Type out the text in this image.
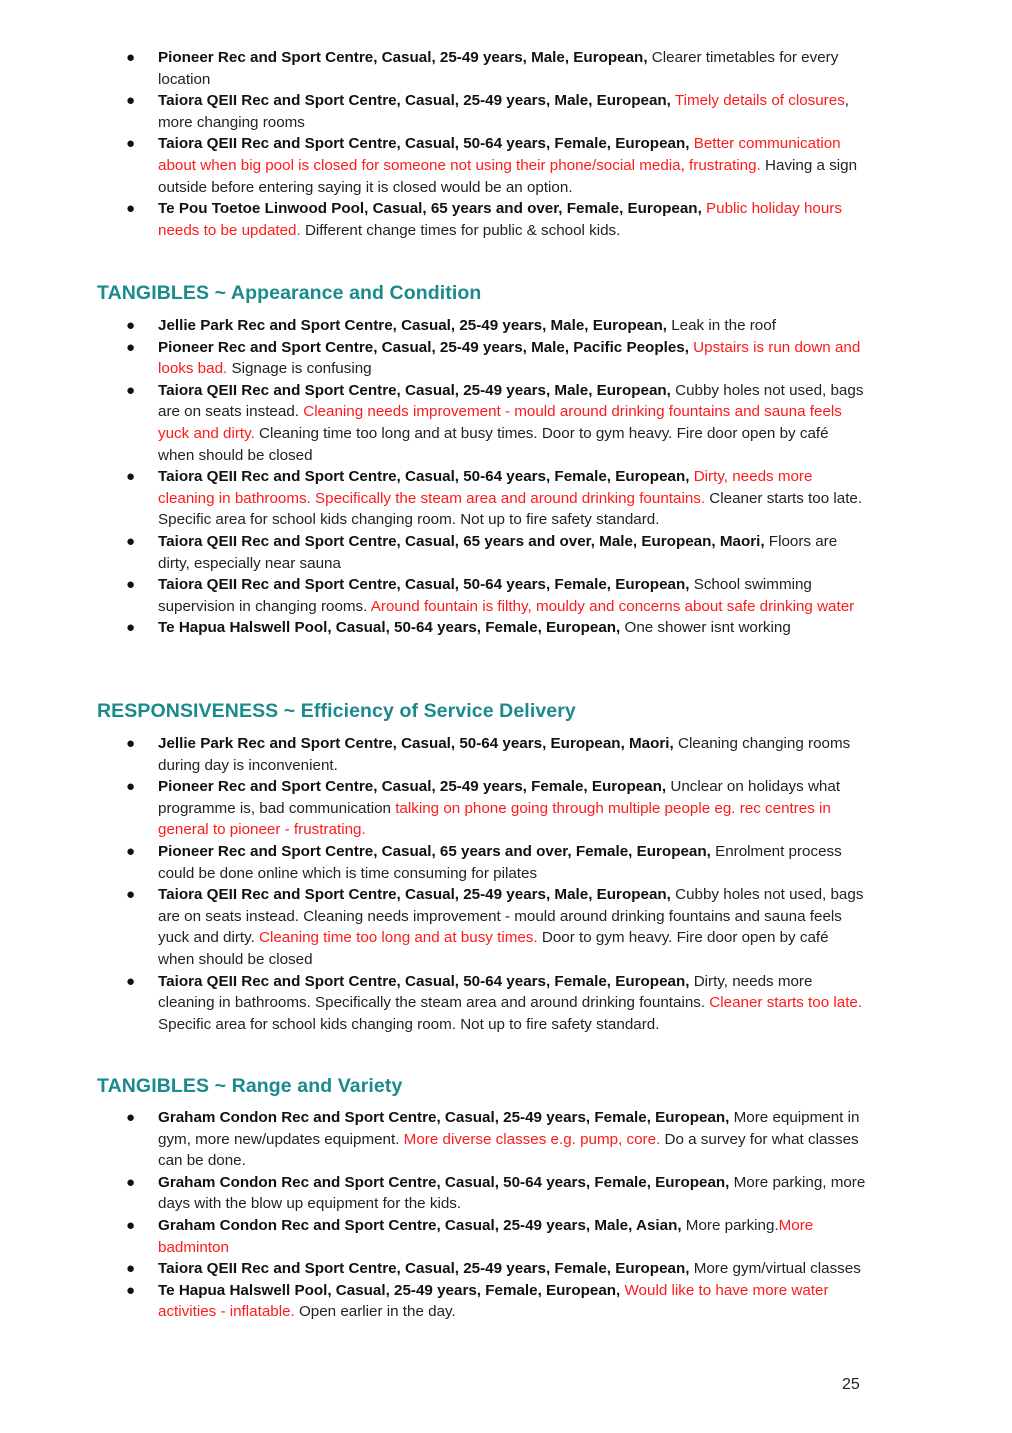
● Pioneer Rec and Sport Centre, Casual, 25-49 years, Male, European, Clearer timetables for every location
● Taiora QEII Rec and Sport Centre, Casual, 25-49 years, Male, European, Timely details of closures, more changing rooms
● Taiora QEII Rec and Sport Centre, Casual, 50-64 years, Female, European, Better communication about when big pool is closed for someone not using their phone/social media, frustrating. Having a sign outside before entering saying it is closed would be an option.
● Te Pou Toetoe Linwood Pool, Casual, 65 years and over, Female, European, Public holiday hours needs to be updated. Different change times for public & school kids.
TANGIBLES ~ Appearance and Condition
● Jellie Park Rec and Sport Centre, Casual, 25-49 years, Male, European, Leak in the roof
● Pioneer Rec and Sport Centre, Casual, 25-49 years, Male, Pacific Peoples, Upstairs is run down and looks bad. Signage is confusing
● Taiora QEII Rec and Sport Centre, Casual, 25-49 years, Male, European, Cubby holes not used, bags are on seats instead. Cleaning needs improvement - mould around drinking fountains and sauna feels yuck and dirty. Cleaning time too long and at busy times. Door to gym heavy. Fire door open by café when should be closed
● Taiora QEII Rec and Sport Centre, Casual, 50-64 years, Female, European, Dirty, needs more cleaning in bathrooms. Specifically the steam area and around drinking fountains. Cleaner starts too late. Specific area for school kids changing room. Not up to fire safety standard.
● Taiora QEII Rec and Sport Centre, Casual, 65 years and over, Male, European, Maori, Floors are dirty, especially near sauna
● Taiora QEII Rec and Sport Centre, Casual, 50-64 years, Female, European, School swimming supervision in changing rooms. Around fountain is filthy, mouldy and concerns about safe drinking water
● Te Hapua Halswell Pool, Casual, 50-64 years, Female, European, One shower isnt working
RESPONSIVENESS ~ Efficiency of Service Delivery
● Jellie Park Rec and Sport Centre, Casual, 50-64 years, European, Maori, Cleaning changing rooms during day is inconvenient.
● Pioneer Rec and Sport Centre, Casual, 25-49 years, Female, European, Unclear on holidays what programme is, bad communication talking on phone going through multiple people eg. rec centres in general to pioneer - frustrating.
● Pioneer Rec and Sport Centre, Casual, 65 years and over, Female, European, Enrolment process could be done online which is time consuming for pilates
● Taiora QEII Rec and Sport Centre, Casual, 25-49 years, Male, European, Cubby holes not used, bags are on seats instead. Cleaning needs improvement - mould around drinking fountains and sauna feels yuck and dirty. Cleaning time too long and at busy times. Door to gym heavy. Fire door open by café when should be closed
● Taiora QEII Rec and Sport Centre, Casual, 50-64 years, Female, European, Dirty, needs more cleaning in bathrooms. Specifically the steam area and around drinking fountains. Cleaner starts too late. Specific area for school kids changing room. Not up to fire safety standard.
TANGIBLES ~ Range and Variety
● Graham Condon Rec and Sport Centre, Casual, 25-49 years, Female, European, More equipment in gym, more new/updates equipment. More diverse classes e.g. pump, core. Do a survey for what classes can be done.
● Graham Condon Rec and Sport Centre, Casual, 50-64 years, Female, European, More parking, more days with the blow up equipment for the kids.
● Graham Condon Rec and Sport Centre, Casual, 25-49 years, Male, Asian, More parking.More badminton
● Taiora QEII Rec and Sport Centre, Casual, 25-49 years, Female, European, More gym/virtual classes
● Te Hapua Halswell Pool, Casual, 25-49 years, Female, European, Would like to have more water activities - inflatable. Open earlier in the day.
25
